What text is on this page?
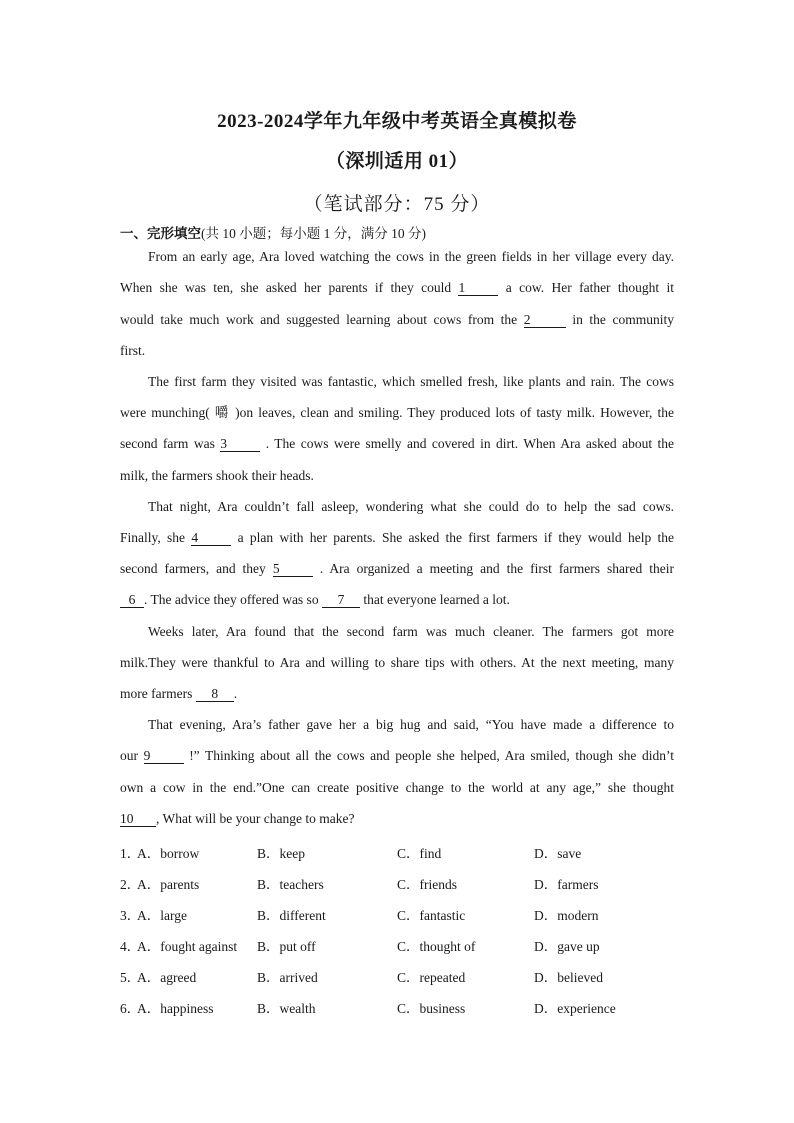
2023-2024学年九年级中考英语全真模拟卷
（深圳适用 01）
（笔试部分：75 分）
一、完形填空(共 10 小题；每小题 1 分，满分 10 分)
From an early age, Ara loved watching the cows in the green fields in her village every day.
When she was ten, she asked her parents if they could 1	a cow. Her father thought it
would take much work and suggested learning about cows from the 2	in the community
first.
The first farm they visited was fantastic, which smelled fresh, like plants and rain. The cows
were munching( 嚼 )on leaves, clean and smiling. They produced lots of tasty milk. However, the
second farm was 3	. The cows were smelly and covered in dirt. When Ara asked about the
milk, the farmers shook their heads.
That night, Ara couldn’t fall asleep, wondering what she could do to help the sad cows.
Finally, she 4	a plan with her parents. She asked the first farmers if they would help the
second farmers, and they 5	. Ara organized a meeting and the first farmers shared their
6 . The advice they offered was so 7 that everyone learned a lot.
Weeks later, Ara found that the second farm was much cleaner. The farmers got more
milk.They were thankful to Ara and willing to share tips with others. At the next meeting, many
more farmers 8 .
That evening, Ara’s father gave her a big hug and said, “You have made a difference to
our 9	!” Thinking about all the cows and people she helped, Ara smiled, though she didn’t
own a cow in the end.”One can create positive change to the world at any age,” she thought
10 , What will be your change to make?
1．
A．borrow	B．keep	C．find	D．save
2．
A．parents	B．teachers	C．friends	D．farmers
3．
A．large	B．different	C．fantastic	D．modern
4．
A．fought against B．put off	C．thought of	D．gave up
5．
A．agreed	B．arrived	C．repeated	D．believed
6．
A．happiness	B．wealth	C．business	D．experience
